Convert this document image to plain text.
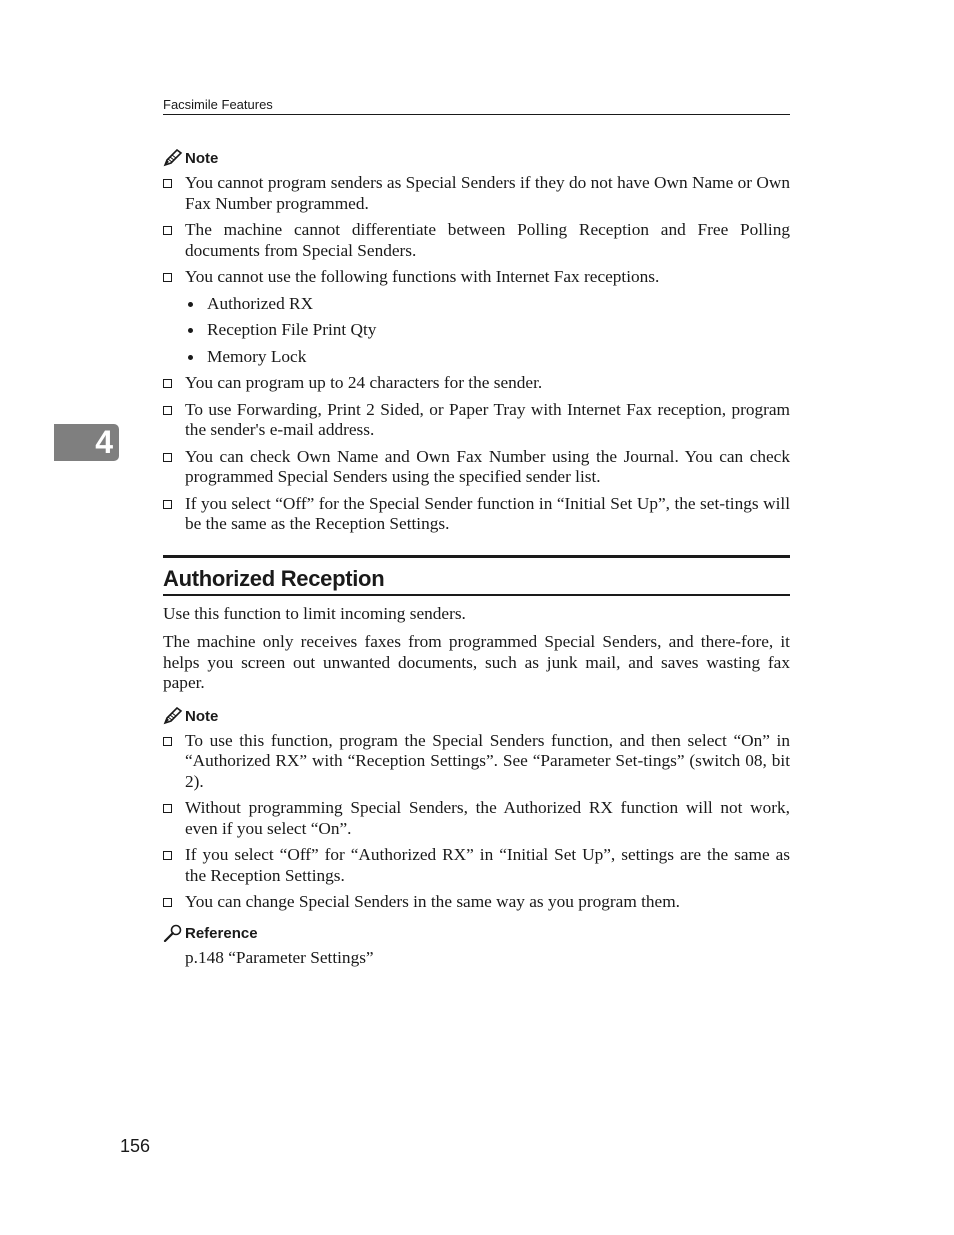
Facsimile Features
4
Note
You cannot program senders as Special Senders if they do not have Own Name or Own Fax Number programmed.
The machine cannot differentiate between Polling Reception and Free Polling documents from Special Senders.
You cannot use the following functions with Internet Fax receptions.
Authorized RX
Reception File Print Qty
Memory Lock
You can program up to 24 characters for the sender.
To use Forwarding, Print 2 Sided, or Paper Tray with Internet Fax reception, program the sender's e-mail address.
You can check Own Name and Own Fax Number using the Journal. You can check programmed Special Senders using the specified sender list.
If you select “Off” for the Special Sender function in “Initial Set Up”, the set-tings will be the same as the Reception Settings.
Authorized Reception

Use this function to limit incoming senders.

The machine only receives faxes from programmed Special Senders, and there-fore, it helps you screen out unwanted documents, such as junk mail, and saves wasting fax paper.

Note
To use this function, program the Special Senders function, and then select “On” in “Authorized RX” with “Reception Settings”. See “Parameter Set-tings” (switch 08, bit 2).
Without programming Special Senders, the Authorized RX function will not work, even if you select “On”.
If you select “Off” for “Authorized RX” in “Initial Set Up”, settings are the same as the Reception Settings.
You can change Special Senders in the same way as you program them.
Reference
p.148 “Parameter Settings”
156
